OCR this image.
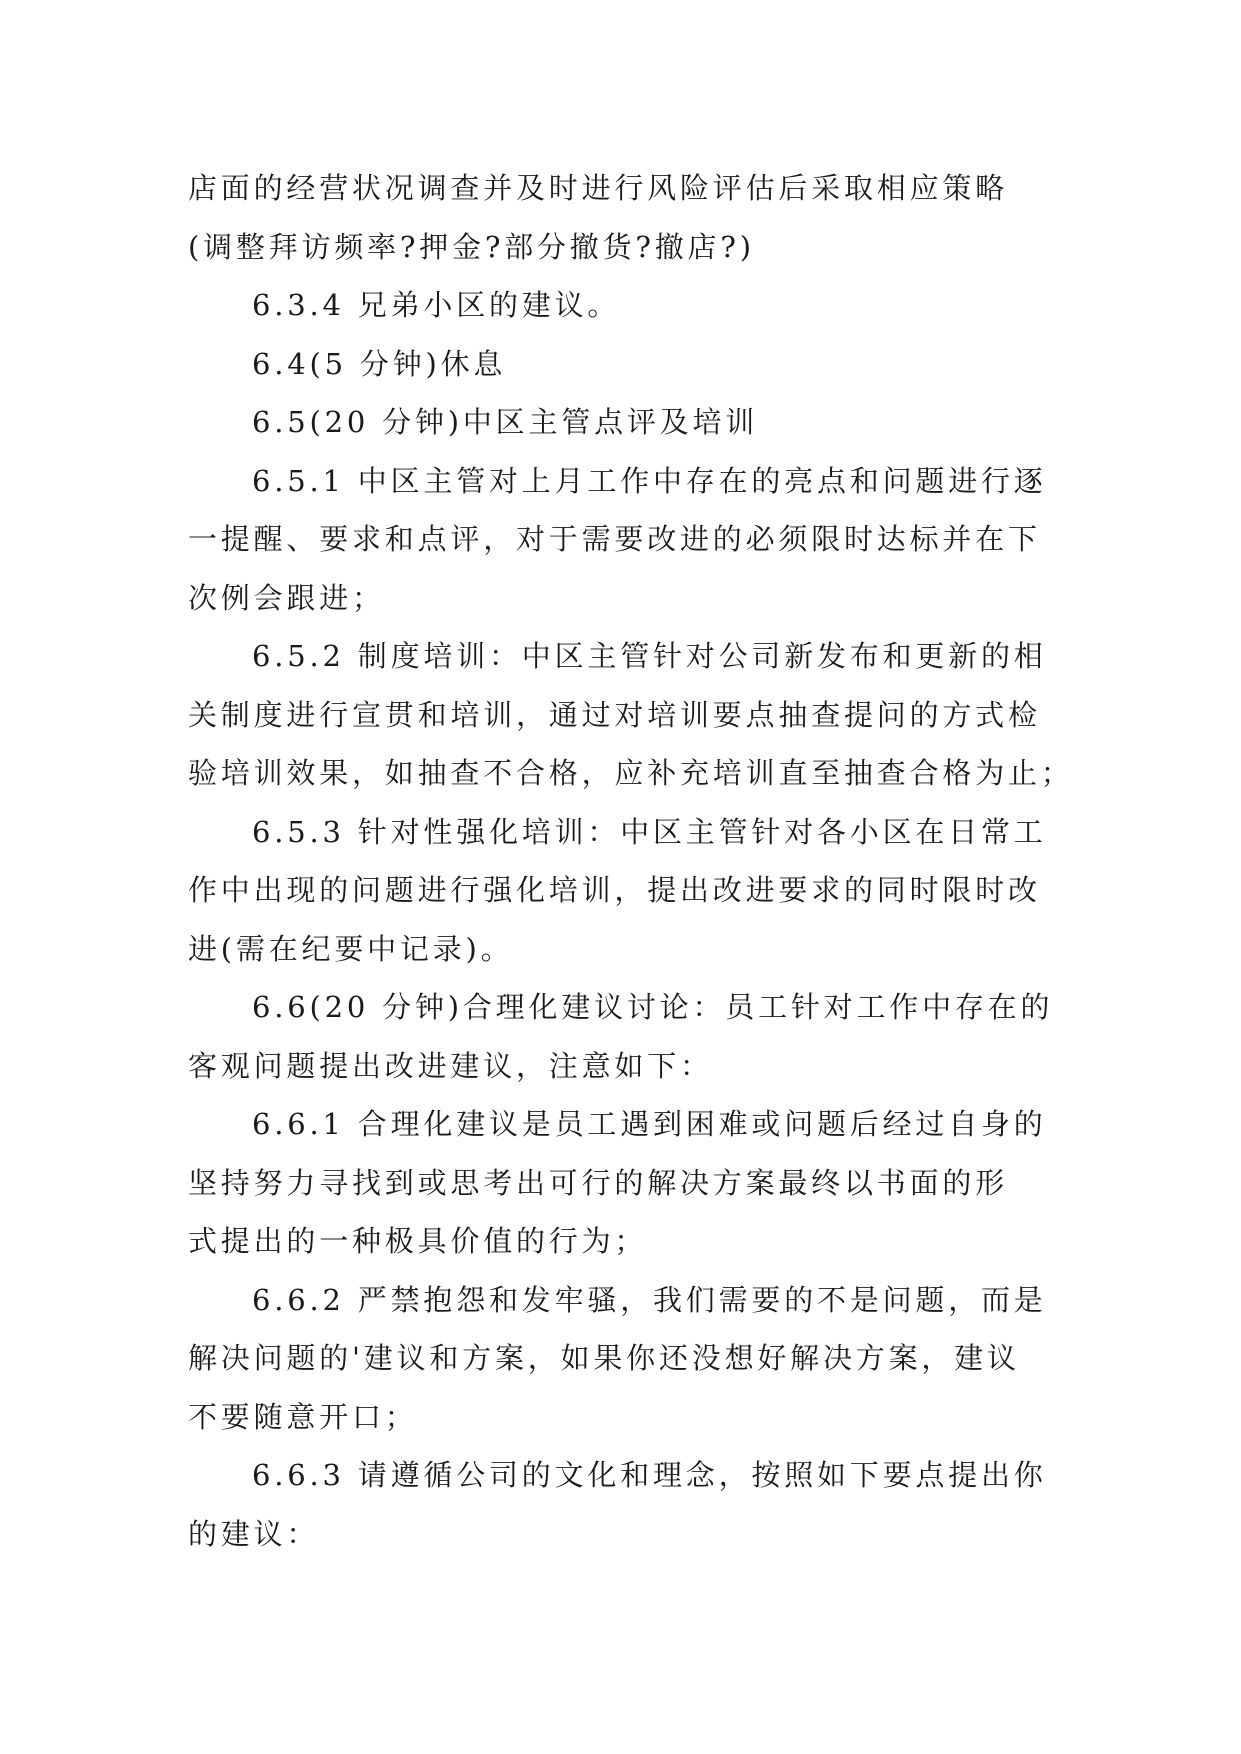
店面的经营状况调查并及时进行风险评估后采取相应策略
(调整拜访频率?押金?部分撤货?撤店?)
6.3.4 兄弟小区的建议。
6.4(5 分钟)休息
6.5(20 分钟)中区主管点评及培训
6.5.1 中区主管对上月工作中存在的亮点和问题进行逐
一提醒、要求和点评，对于需要改进的必须限时达标并在下
次例会跟进；
6.5.2 制度培训：中区主管针对公司新发布和更新的相
关制度进行宣贯和培训，通过对培训要点抽查提问的方式检
验培训效果，如抽查不合格，应补充培训直至抽查合格为止；
6.5.3 针对性强化培训：中区主管针对各小区在日常工
作中出现的问题进行强化培训，提出改进要求的同时限时改
进(需在纪要中记录)。
6.6(20 分钟)合理化建议讨论：员工针对工作中存在的
客观问题提出改进建议，注意如下：
6.6.1 合理化建议是员工遇到困难或问题后经过自身的
坚持努力寻找到或思考出可行的解决方案最终以书面的形
式提出的一种极具价值的行为；
6.6.2 严禁抱怨和发牢骚，我们需要的不是问题，而是
解决问题的'建议和方案，如果你还没想好解决方案，建议
不要随意开口；
6.6.3 请遵循公司的文化和理念，按照如下要点提出你
的建议：
